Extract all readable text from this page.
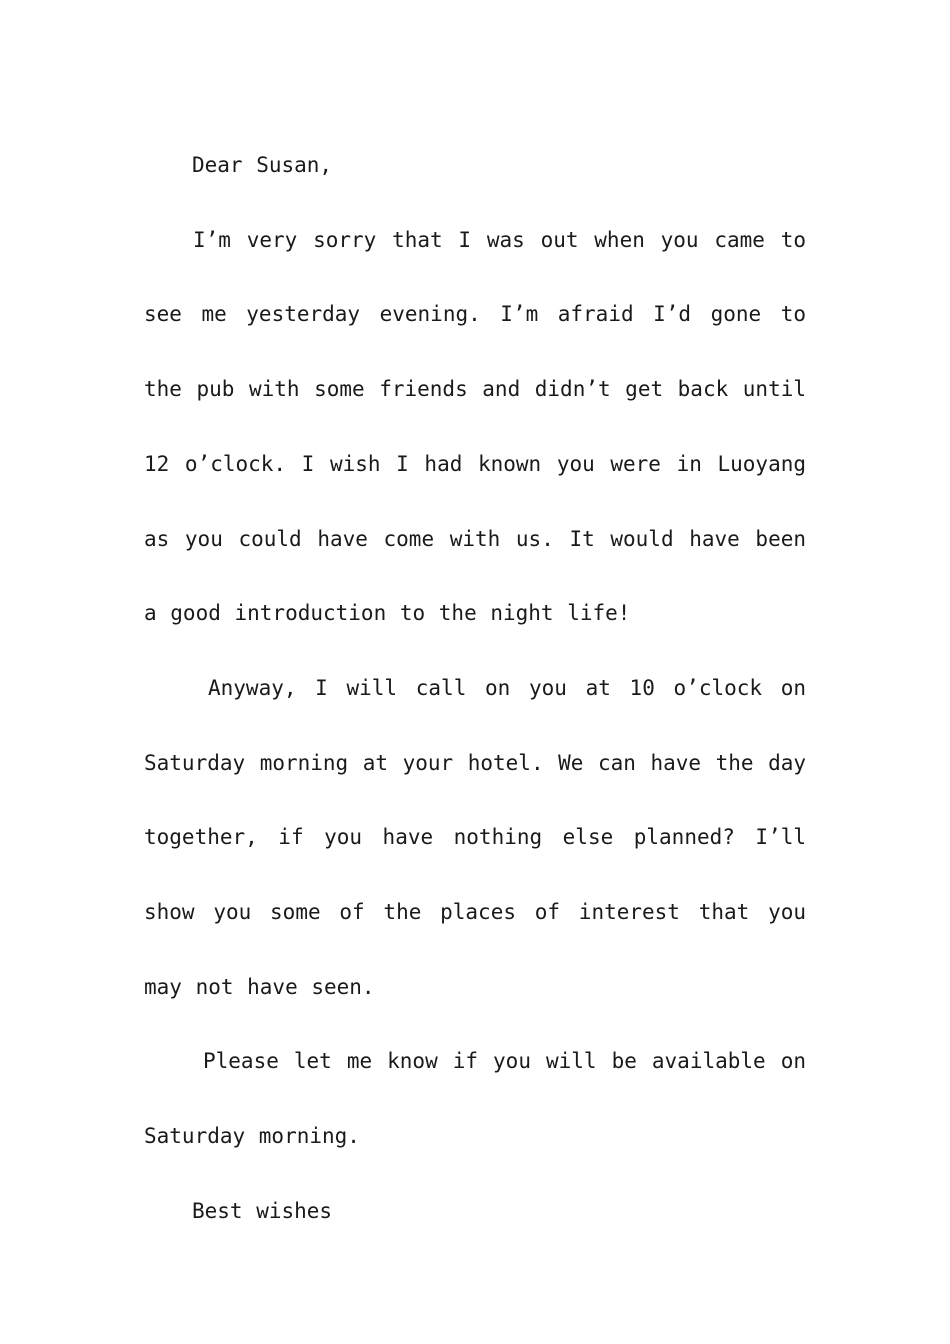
Dear Susan,

I’m very sorry that I was out when you came to see me yesterday evening. I’m afraid I’d gone to the pub with some friends and didn’t get back until 12 o’clock. I wish I had known you were in Luoyang as you could have come with us. It would have been a good introduction to the night life!

Anyway, I will call on you at 10 o’clock on Saturday morning at your hotel. We can have the day together, if you have nothing else planned? I’ll show you some of the places of interest that you may not have seen.

Please let me know if you will be available on Saturday morning.

Best wishes
